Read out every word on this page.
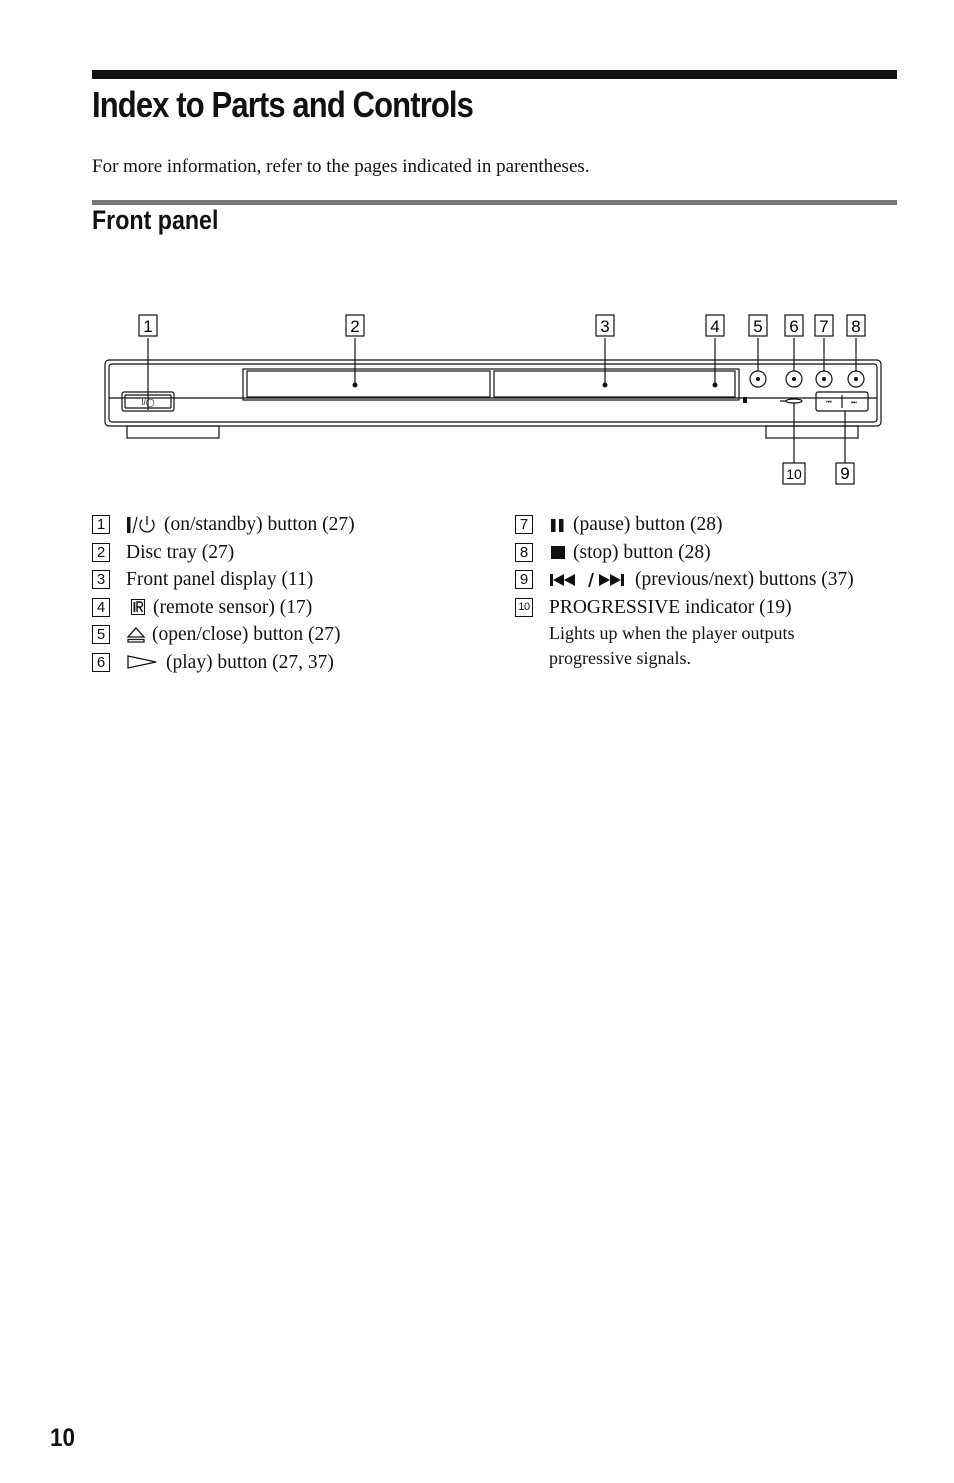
Index to Parts and Controls
For more information, refer to the pages indicated in parentheses.
Front panel
I/◯	⏮	⏭
1	2	3	4 5 6 7 8
10 9
1	(on/standby) button (27)
2 Disc tray (27)
3 Front panel display (11)
4 (remote sensor) (17)
5 (open/close) button (27)
6	(play) button (27, 37)
7 (pause) button (28)
8 (stop) button (28)
9	(previous/next) buttons (37)
10 PROGRESSIVE indicator (19)
Lights up when the player outputs
progressive signals.
10
